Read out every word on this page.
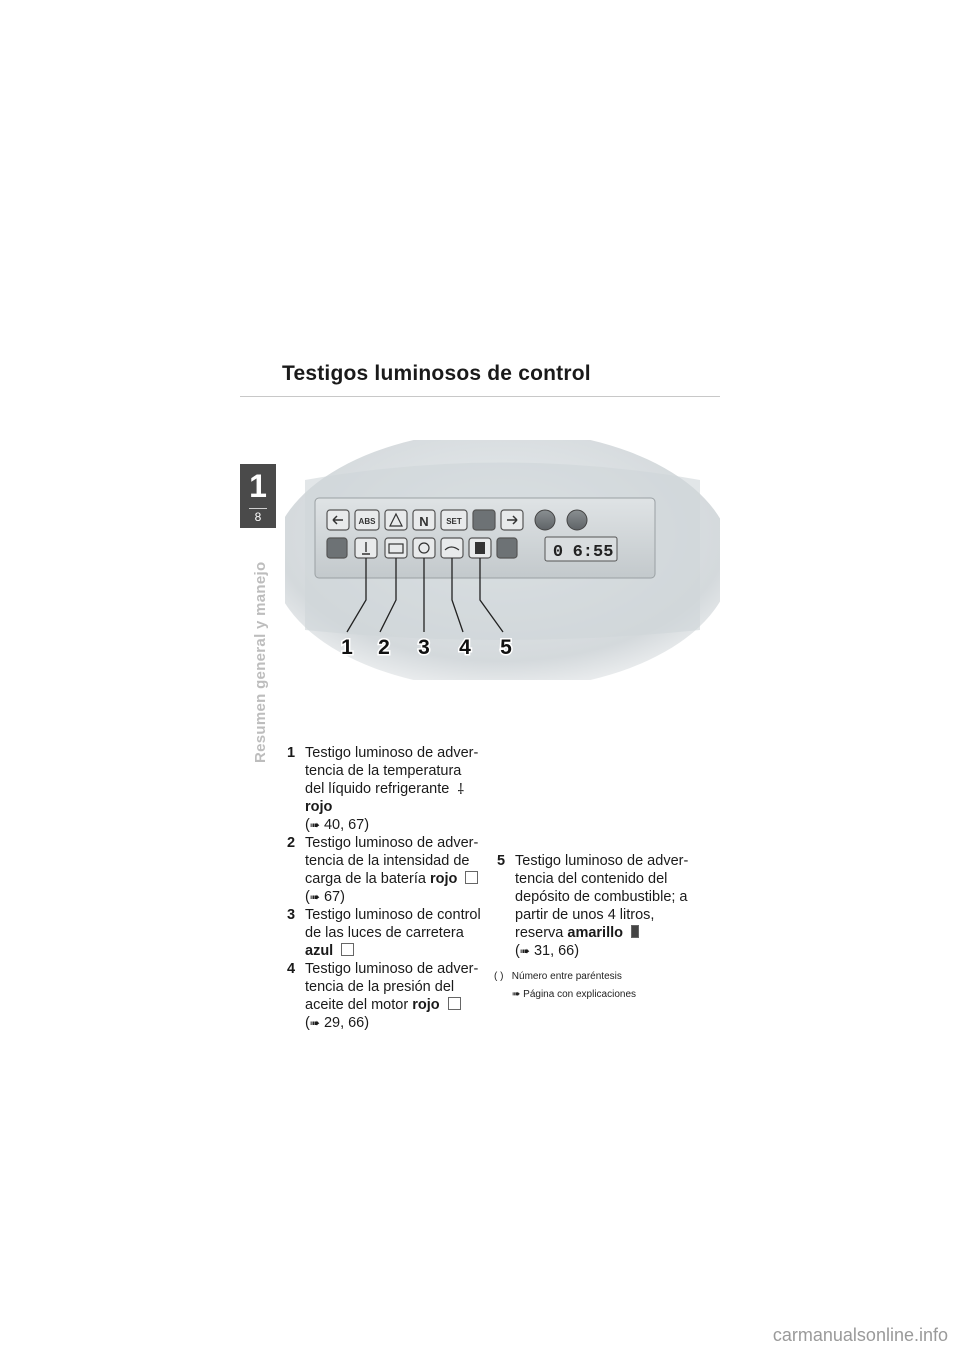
Testigos luminosos de control
1
8
Resumen general y manejo
ABS	N SET
0 6:55
1 2 3 4 5
1 Testigo luminoso de adver-tencia de la temperatura del líquido refrigerante ⸸ rojo
(➠ 40, 67)
2 Testigo luminoso de adver-tencia de la intensidad de carga de la batería rojo
(➠ 67)
3 Testigo luminoso de control de las luces de carretera azul
4 Testigo luminoso de adver-tencia de la presión del aceite del motor rojo
(➠ 29, 66)
5 Testigo luminoso de adver-tencia del contenido del depósito de combustible; a partir de unos 4 litros, reserva amarillo
(➠ 31, 66)
( ) Número entre paréntesis
➠ Página con explicaciones
carmanualsonline.info
